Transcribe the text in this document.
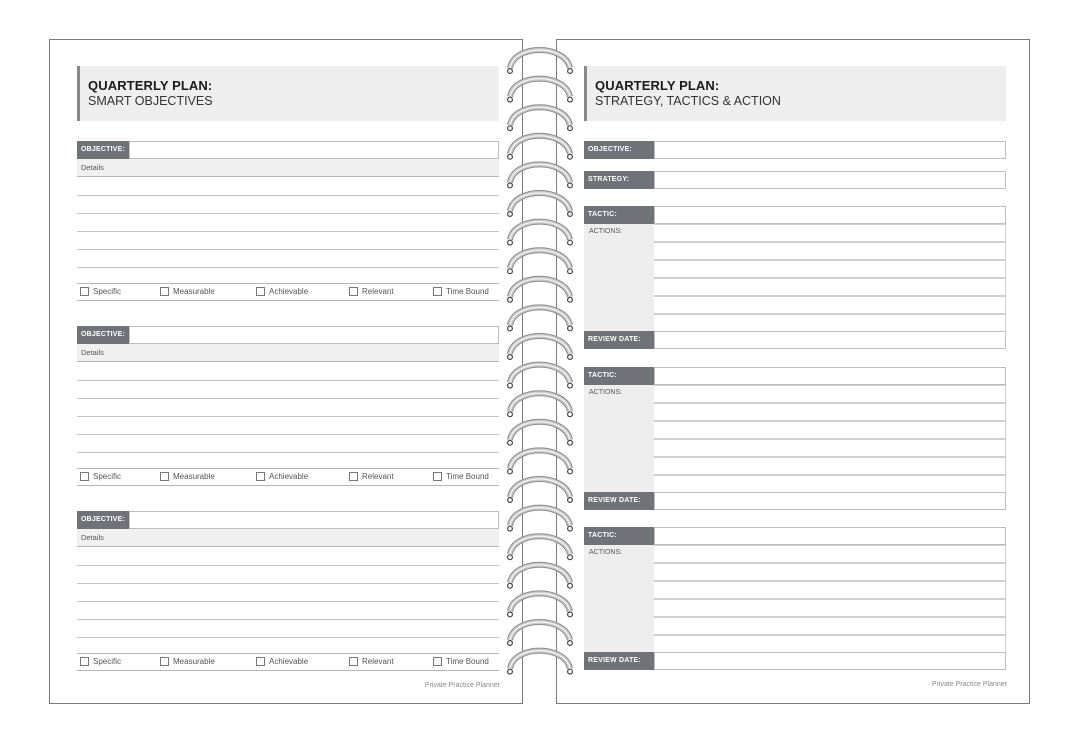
QUARTERLY PLAN:
SMART OBJECTIVES
OBJECTIVE:
Details
Specific	Measurable	Achievable	Relevant	Time Bound
OBJECTIVE:
Details
Specific	Measurable	Achievable	Relevant	Time Bound
OBJECTIVE:
Details
Specific	Measurable	Achievable	Relevant	Time Bound
Private Practice Planner
QUARTERLY PLAN:
STRATEGY, TACTICS & ACTION
OBJECTIVE:
STRATEGY:
TACTIC:
ACTIONS:
REVIEW DATE:
TACTIC:
ACTIONS:
REVIEW DATE:
TACTIC:
ACTIONS:
REVIEW DATE:
Private Practice Planner
